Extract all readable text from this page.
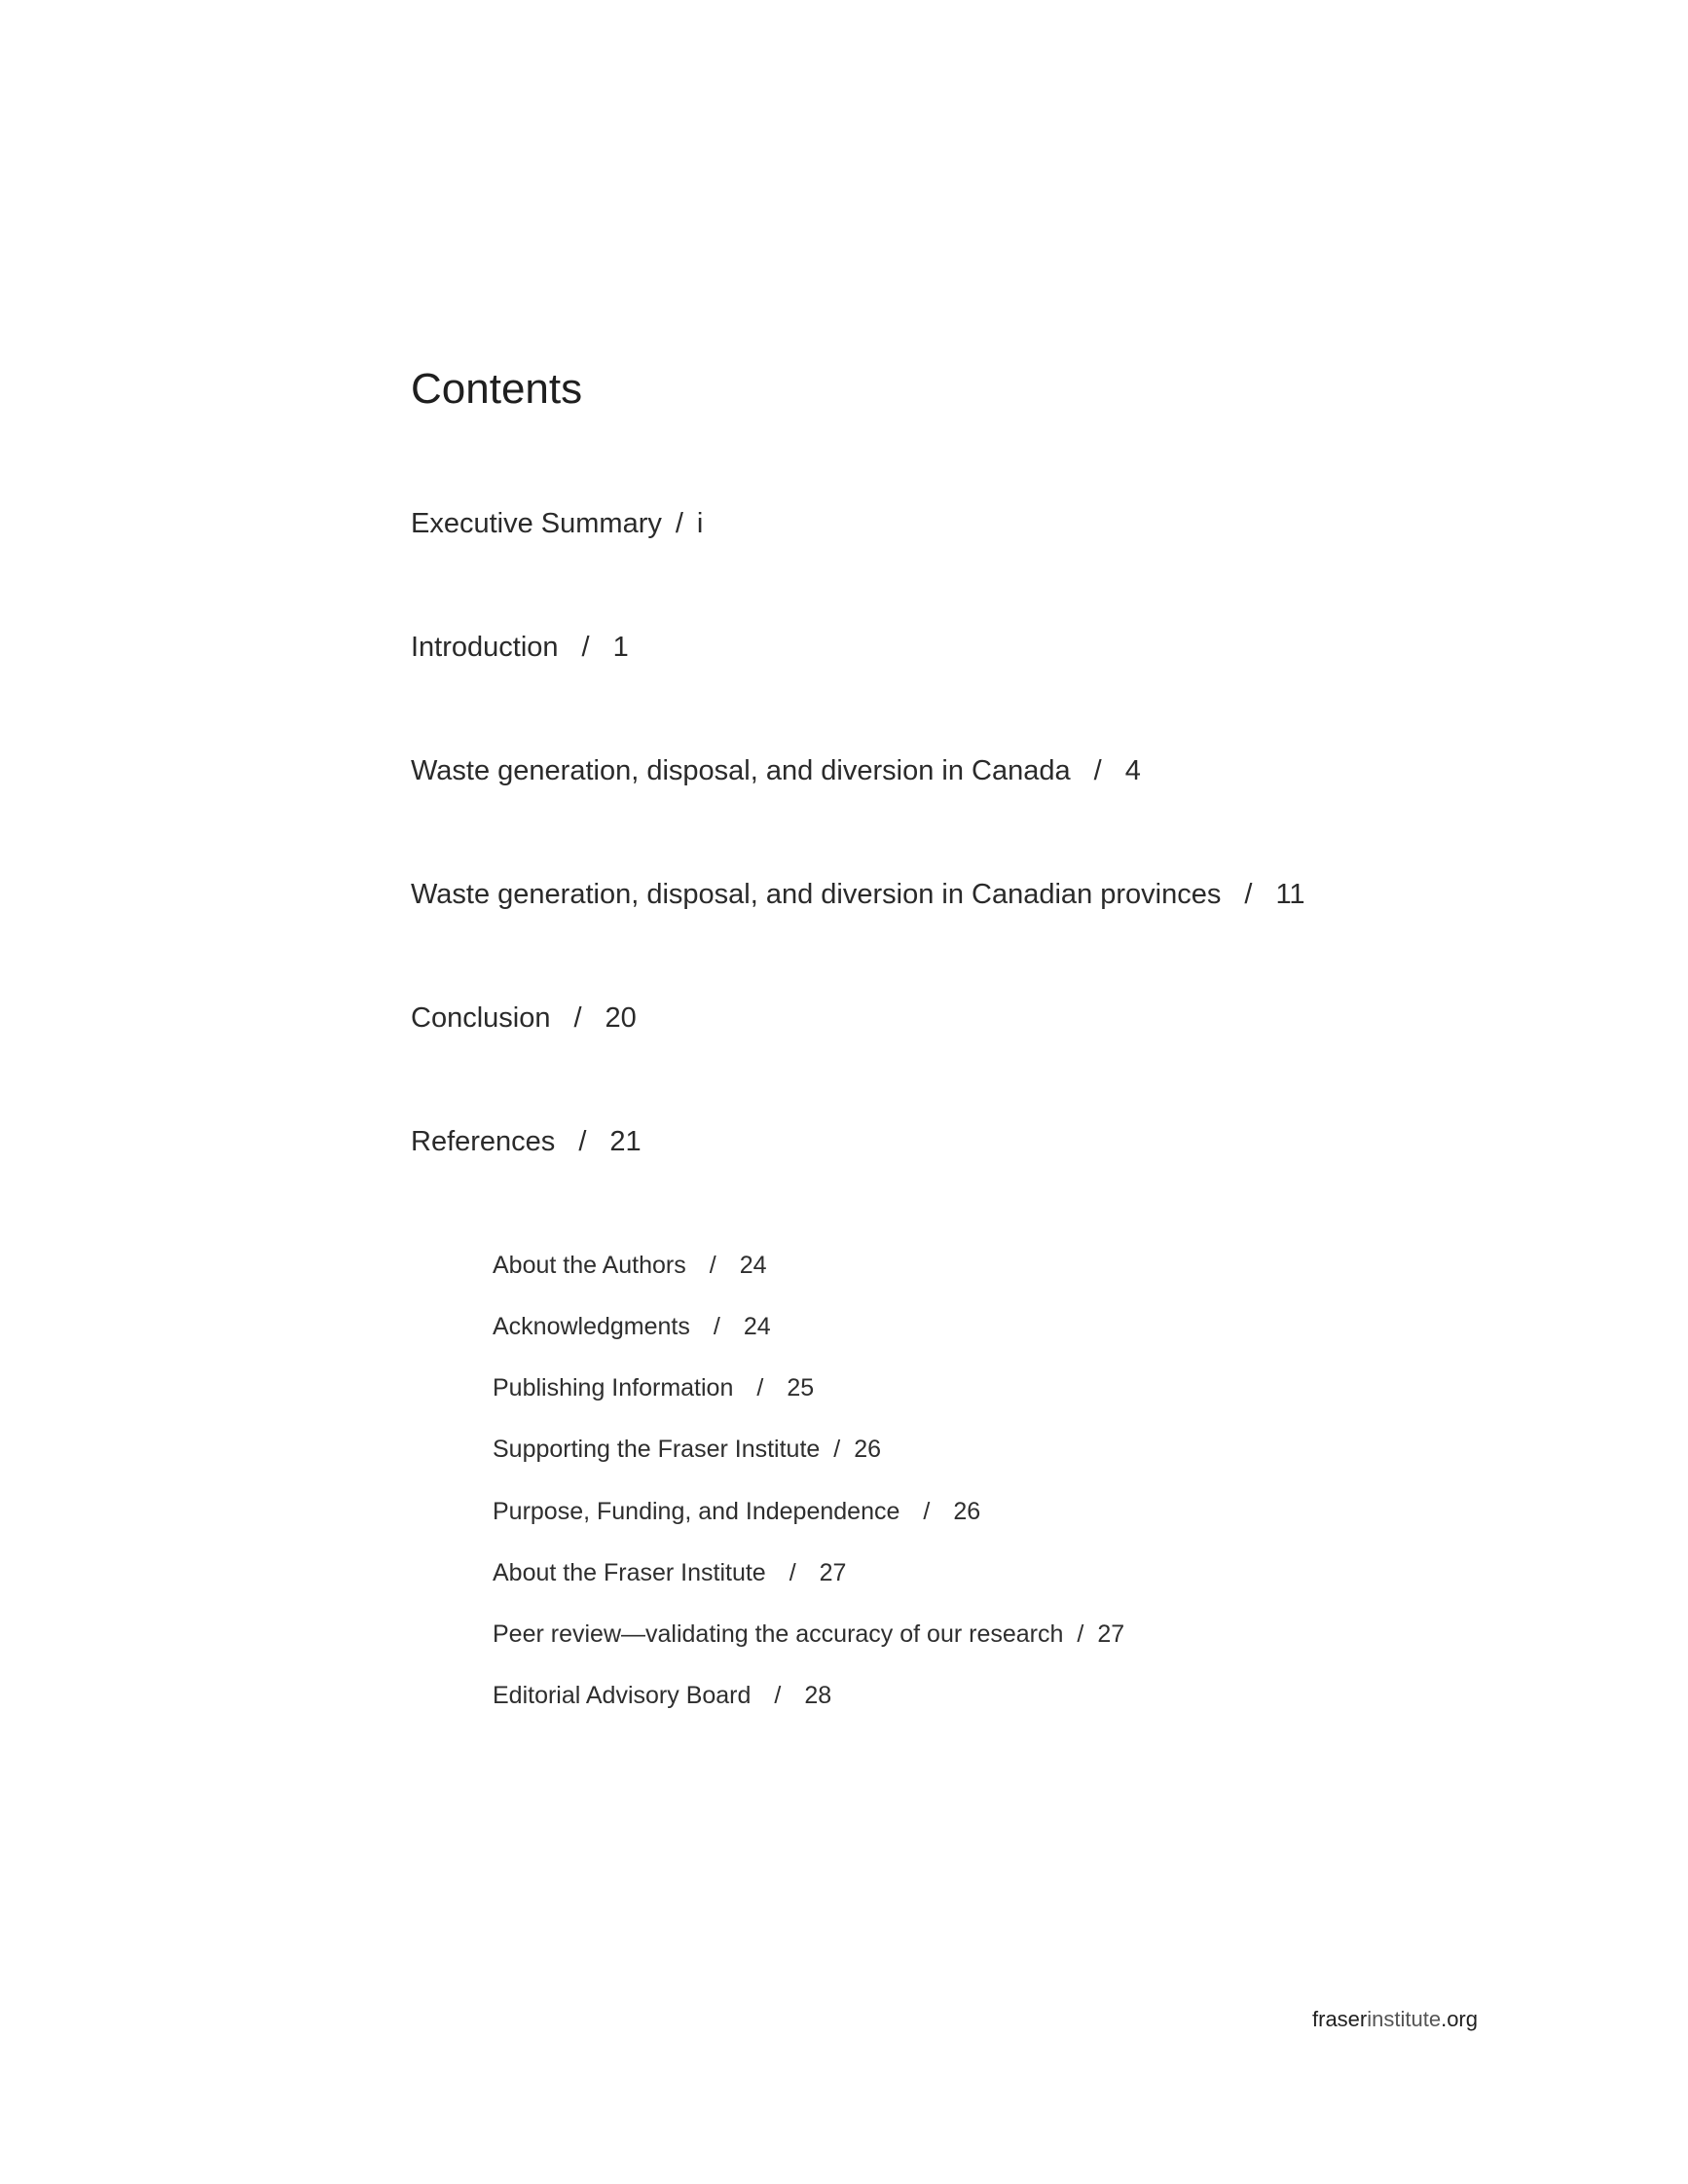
Contents
Executive Summary / i
Introduction / 1
Waste generation, disposal, and diversion in Canada / 4
Waste generation, disposal, and diversion in Canadian provinces / 11
Conclusion / 20
References / 21
About the Authors / 24
Acknowledgments / 24
Publishing Information / 25
Supporting the Fraser Institute / 26
Purpose, Funding, and Independence / 26
About the Fraser Institute / 27
Peer review—validating the accuracy of our research / 27
Editorial Advisory Board / 28
fraserinstitute.org
